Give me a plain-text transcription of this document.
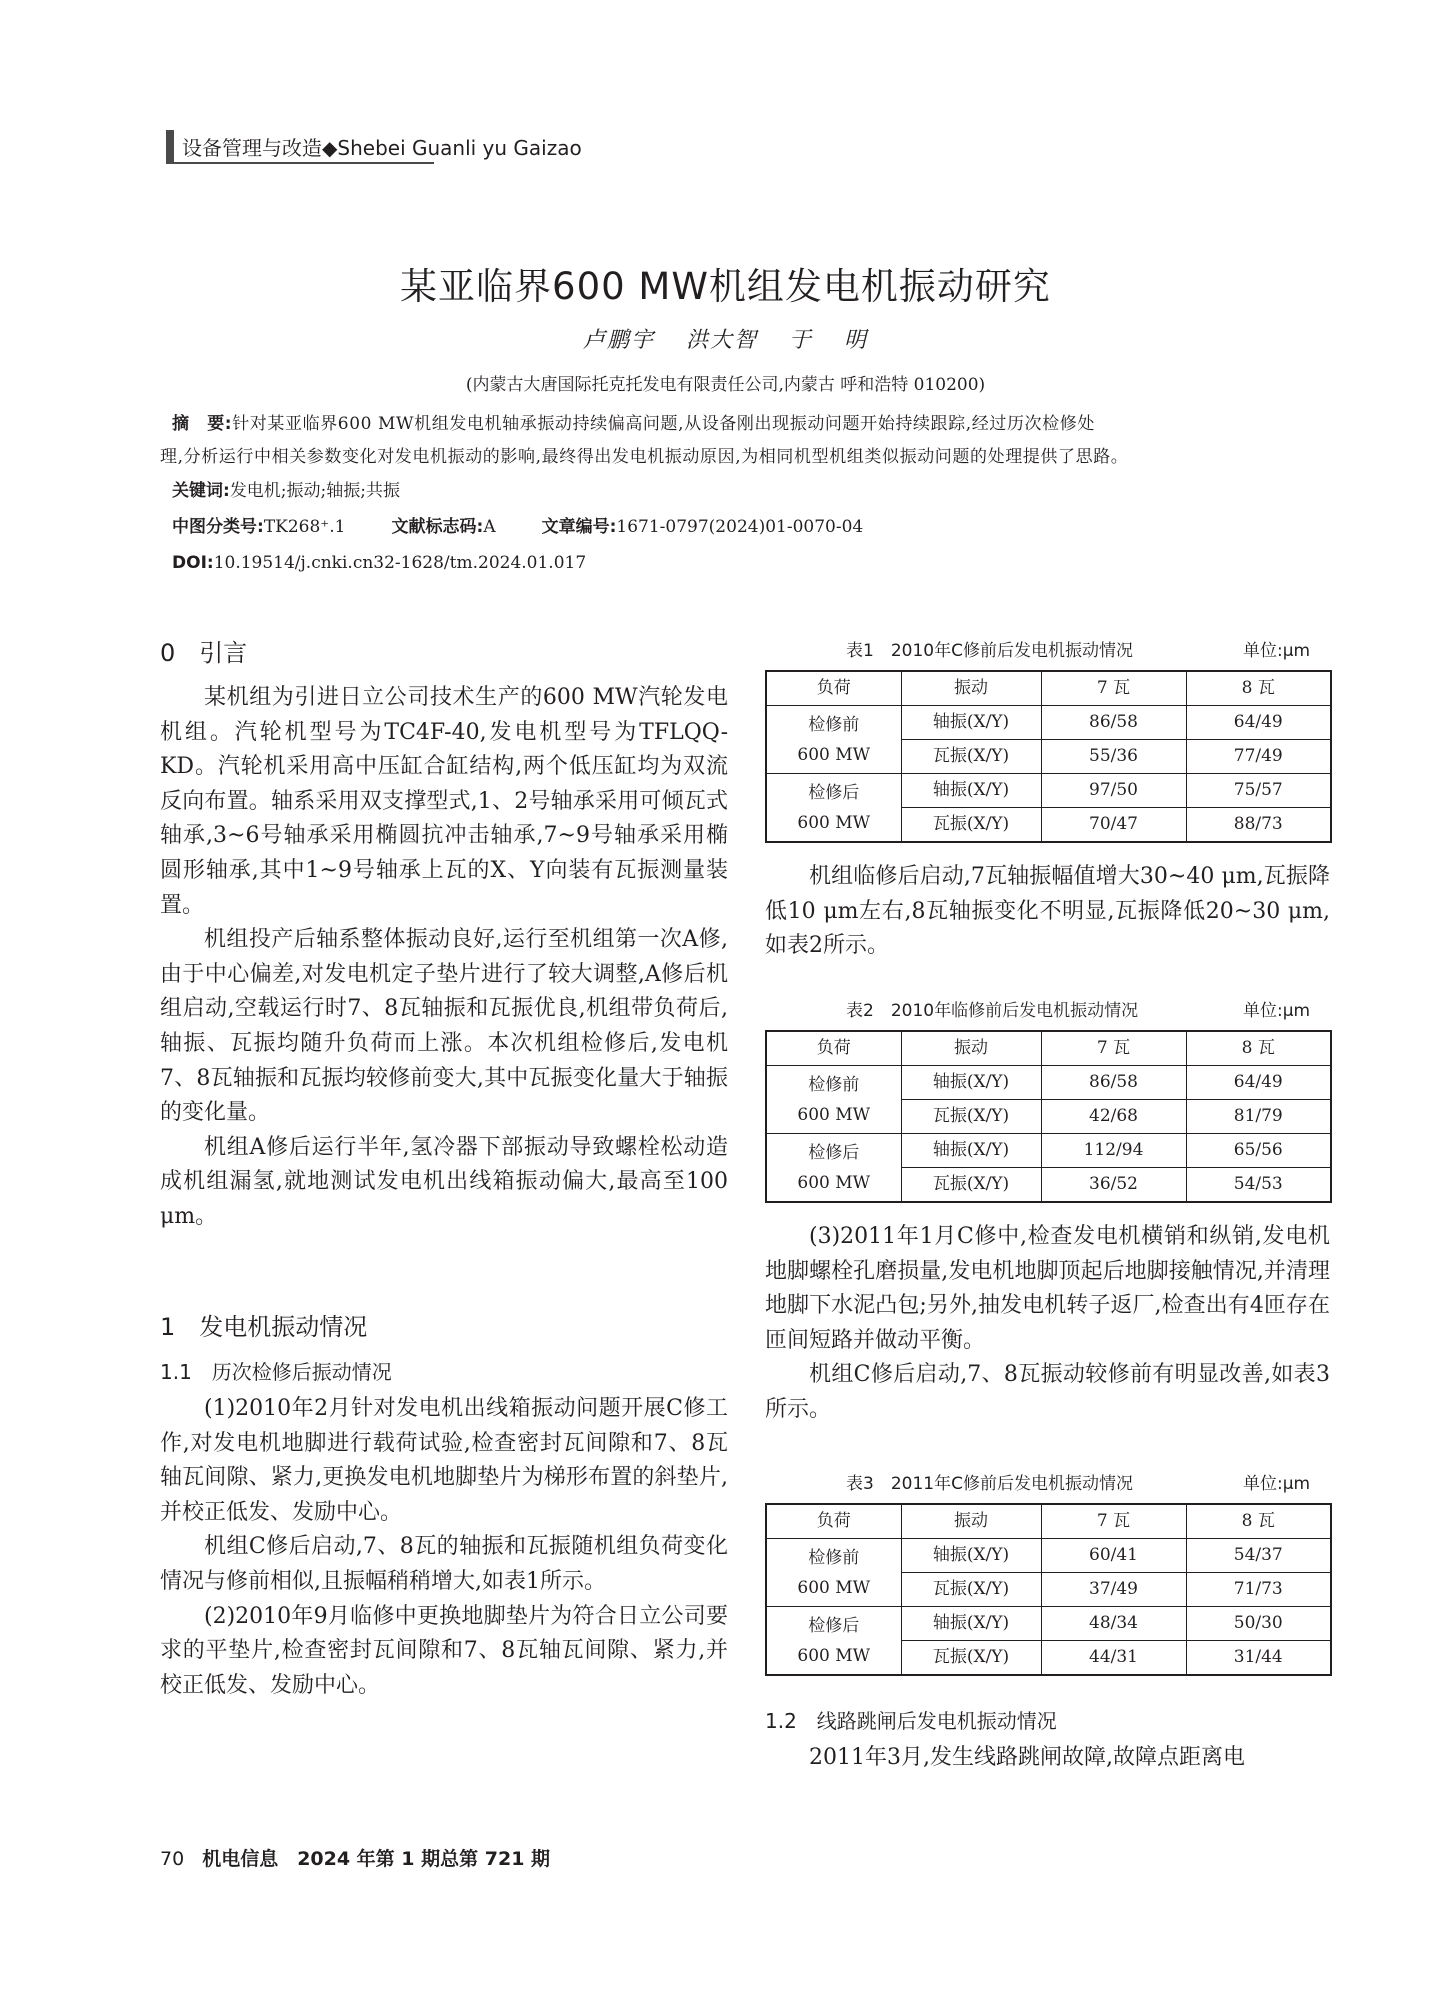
设备管理与改造◆Shebei Guanli yu Gaizao
某亚临界600 MW机组发电机振动研究
卢鹏宇 洪大智 于 明
(内蒙古大唐国际托克托发电有限责任公司,内蒙古 呼和浩特 010200)
摘　要:针对某亚临界600 MW机组发电机轴承振动持续偏高问题,从设备刚出现振动问题开始持续跟踪,经过历次检修处
理,分析运行中相关参数变化对发电机振动的影响,最终得出发电机振动原因,为相同机型机组类似振动问题的处理提供了思路。
关键词:发电机;振动;轴振;共振
中图分类号:TK268⁺.1	文献标志码:A	文章编号:1671-0797(2024)01-0070-04
DOI:10.19514/j.cnki.cn32-1628/tm.2024.01.017
0　引言

某机组为引进日立公司技术生产的600 MW汽轮发电机组。汽轮机型号为TC4F-40,发电机型号为TFLQQ-KD。汽轮机采用高中压缸合缸结构,两个低压缸均为双流反向布置。轴系采用双支撑型式,1、2号轴承采用可倾瓦式轴承,3~6号轴承采用椭圆抗冲击轴承,7~9号轴承采用椭圆形轴承,其中1~9号轴承上瓦的X、Y向装有瓦振测量装置。

机组投产后轴系整体振动良好,运行至机组第一次A修,由于中心偏差,对发电机定子垫片进行了较大调整,A修后机组启动,空载运行时7、8瓦轴振和瓦振优良,机组带负荷后,轴振、瓦振均随升负荷而上涨。本次机组检修后,发电机7、8瓦轴振和瓦振均较修前变大,其中瓦振变化量大于轴振的变化量。

机组A修后运行半年,氢冷器下部振动导致螺栓松动造成机组漏氢,就地测试发电机出线箱振动偏大,最高至100 μm。

1　发电机振动情况
1.1　历次检修后振动情况

(1)2010年2月针对发电机出线箱振动问题开展C修工作,对发电机地脚进行载荷试验,检查密封瓦间隙和7、8瓦轴瓦间隙、紧力,更换发电机地脚垫片为梯形布置的斜垫片,并校正低发、发励中心。

机组C修后启动,7、8瓦的轴振和瓦振随机组负荷变化情况与修前相似,且振幅稍稍增大,如表1所示。

(2)2010年9月临修中更换地脚垫片为符合日立公司要求的平垫片,检查密封瓦间隙和7、8瓦轴瓦间隙、紧力,并校正低发、发励中心。

表1　2010年C修前后发电机振动情况	单位:μm
负荷	振动	7 瓦	8 瓦

检修前
600 MW	轴振(X/Y)	86/58	64/49
	瓦振(X/Y)	55/36	77/49

检修后
600 MW	轴振(X/Y)	97/50	75/57
	瓦振(X/Y)	70/47	88/73

机组临修后启动,7瓦轴振幅值增大30~40 μm,瓦振降低10 μm左右,8瓦轴振变化不明显,瓦振降低20~30 μm,如表2所示。

表2　2010年临修前后发电机振动情况	单位:μm
负荷	振动	7 瓦	8 瓦

检修前
600 MW	轴振(X/Y)	86/58	64/49
	瓦振(X/Y)	42/68	81/79

检修后
600 MW	轴振(X/Y)	112/94	65/56
	瓦振(X/Y)	36/52	54/53

(3)2011年1月C修中,检查发电机横销和纵销,发电机地脚螺栓孔磨损量,发电机地脚顶起后地脚接触情况,并清理地脚下水泥凸包;另外,抽发电机转子返厂,检查出有4匝存在匝间短路并做动平衡。

机组C修后启动,7、8瓦振动较修前有明显改善,如表3所示。

表3　2011年C修前后发电机振动情况	单位:μm
负荷	振动	7 瓦	8 瓦

检修前
600 MW	轴振(X/Y)	60/41	54/37
	瓦振(X/Y)	37/49	71/73

检修后
600 MW	轴振(X/Y)	48/34	50/30
	瓦振(X/Y)	44/31	31/44
1.2　线路跳闸后发电机振动情况

2011年3月,发生线路跳闸故障,故障点距离电

70 机电信息　2024 年第 1 期总第 721 期
